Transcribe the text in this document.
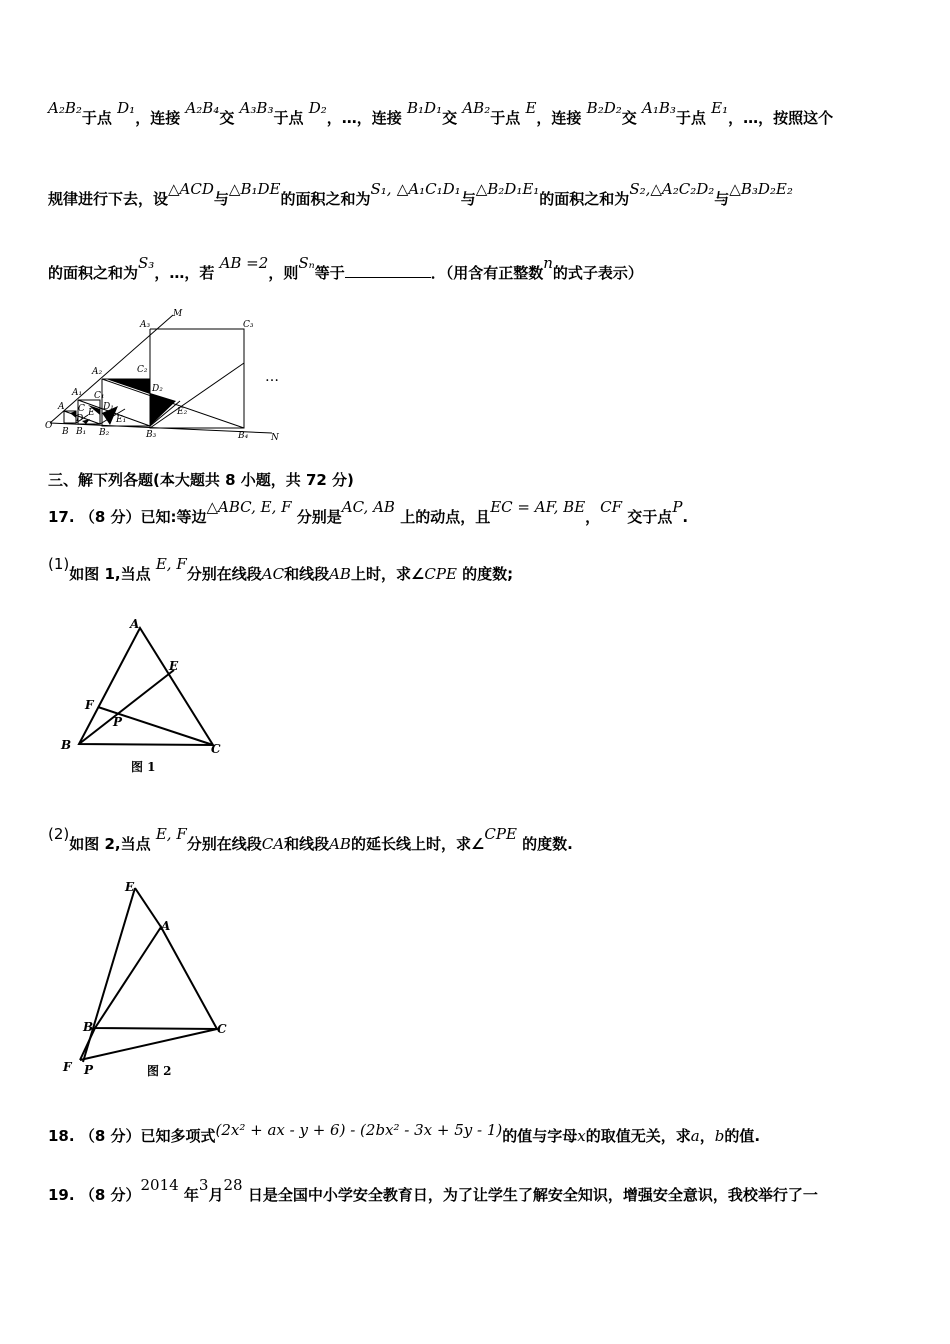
A₂B₂于点 D₁，连接 A₂B₄交 A₃B₃于点 D₂，…，连接 B₁D₁交 AB₂于点 E，连接 B₂D₂交 A₁B₃于点 E₁，…，按照这个
规律进行下去，设△ACD与△B₁DE的面积之和为S₁, △A₁C₁D₁与△B₂D₁E₁的面积之和为S₂,△A₂C₂D₂与△B₃D₂E₂
的面积之和为S₃，…，若 AB =2，则Sₙ等于	．（用含有正整数n的式子表示）
M
A₃	C₃
A₂	C₂
D₂
A₁ C₁
D₁
A C
D
E
E₁
E₂
O
B B₁ B₂	B₃	B₄	N
…
三、解下列各题(本大题共 8 小题，共 72 分)
17. （8 分）已知:等边△ABC, E, F 分别是AC, AB 上的动点，且EC = AF, BE，CF 交于点P.
(1)如图 1,当点 E, F分别在线段AC和线段AB上时，求∠CPE 的度数;
A
E
F
P
B	C
图 1
(2)如图 2,当点 E, F分别在线段CA和线段AB的延长线上时，求∠CPE 的度数.
E
A
B	C
F P	图 2
18. （8 分）已知多项式(2x² + ax - y + 6) - (2bx² - 3x + 5y - 1)的值与字母x的取值无关，求a，b的值.
19. （8 分）2014 年3月28 日是全国中小学安全教育日，为了让学生了解安全知识，增强安全意识，我校举行了一
